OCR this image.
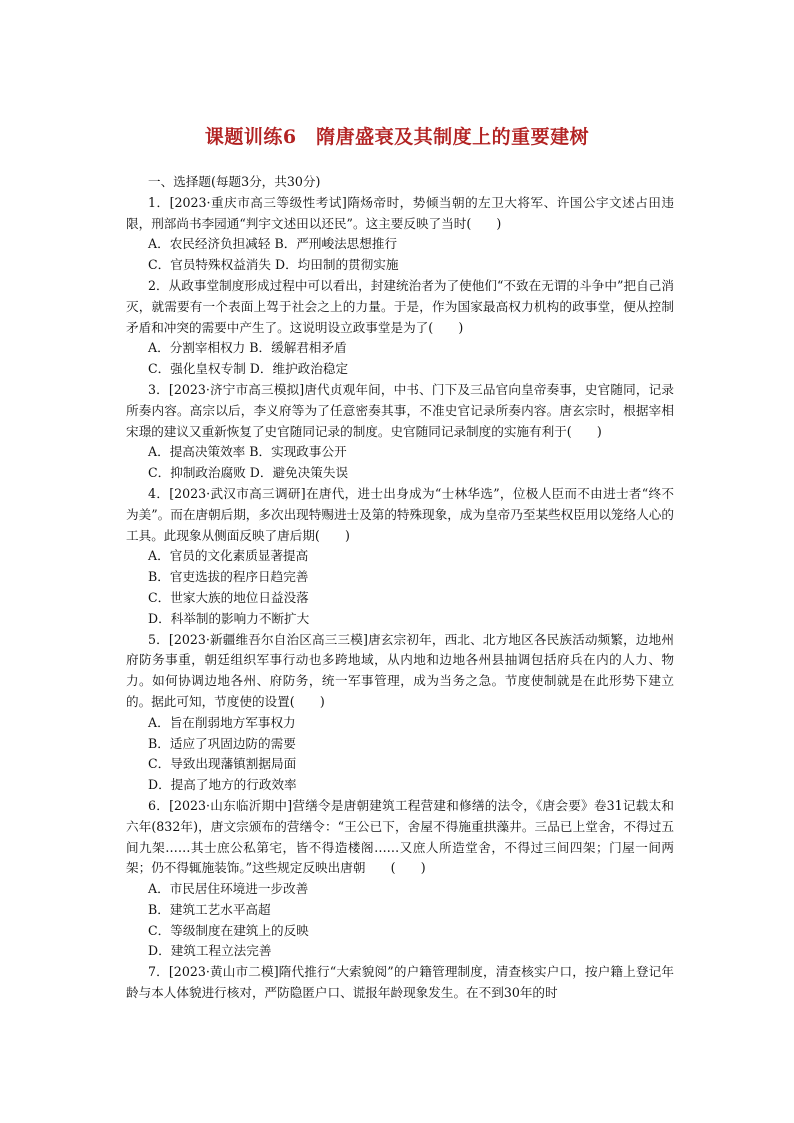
课题训练6　隋唐盛衰及其制度上的重要建树
一、选择题(每题3分，共30分)
1．[2023·重庆市高三等级性考试]隋炀帝时，势倾当朝的左卫大将军、许国公宇文述占田违限，刑部尚书李园通“判宇文述田以还民”。这主要反映了当时(　　)
A．农民经济负担减轻 B．严刑峻法思想推行
C．官员特殊权益消失 D．均田制的贯彻实施
2．从政事堂制度形成过程中可以看出，封建统治者为了使他们“不致在无谓的斗争中”把自己消灭，就需要有一个表面上驾于社会之上的力量。于是，作为国家最高权力机构的政事堂，便从控制矛盾和冲突的需要中产生了。这说明设立政事堂是为了(　　)
A．分割宰相权力 B．缓解君相矛盾
C．强化皇权专制 D．维护政治稳定
3．[2023·济宁市高三模拟]唐代贞观年间，中书、门下及三品官向皇帝奏事，史官随同，记录所奏内容。高宗以后，李义府等为了任意密奏其事，不准史官记录所奏内容。唐玄宗时，根据宰相宋璟的建议又重新恢复了史官随同记录的制度。史官随同记录制度的实施有利于(　　)
A．提高决策效率 B．实现政事公开
C．抑制政治腐败 D．避免决策失误
4．[2023·武汉市高三调研]在唐代，进士出身成为“士林华选”，位极人臣而不由进士者“终不为美”。而在唐朝后期，多次出现特赐进士及第的特殊现象，成为皇帝乃至某些权臣用以笼络人心的工具。此现象从侧面反映了唐后期(　　)
A．官员的文化素质显著提高
B．官吏选拔的程序日趋完善
C．世家大族的地位日益没落
D．科举制的影响力不断扩大
5．[2023·新疆维吾尔自治区高三三模]唐玄宗初年，西北、北方地区各民族活动频繁，边地州府防务事重，朝廷组织军事行动也多跨地域，从内地和边地各州县抽调包括府兵在内的人力、物力。如何协调边地各州、府防务，统一军事管理，成为当务之急。节度使制就是在此形势下建立的。据此可知，节度使的设置(　　)
A．旨在削弱地方军事权力
B．适应了巩固边防的需要
C．导致出现藩镇割据局面
D．提高了地方的行政效率
6．[2023·山东临沂期中]营缮令是唐朝建筑工程营建和修缮的法令，《唐会要》卷31记载太和六年(832年)，唐文宗颁布的营缮令：“王公已下，舍屋不得施重拱藻井。三品已上堂舍，不得过五间九架……其士庶公私第宅，皆不得造楼阁……又庶人所造堂舍，不得过三间四架；门屋一间两架；仍不得辄施装饰。”这些规定反映出唐朝　　(　　)
A．市民居住环境进一步改善
B．建筑工艺水平高超
C．等级制度在建筑上的反映
D．建筑工程立法完善
7．[2023·黄山市二模]隋代推行“大索貌阅”的户籍管理制度，清查核实户口，按户籍上登记年龄与本人体貌进行核对，严防隐匿户口、谎报年龄现象发生。在不到30年的时
